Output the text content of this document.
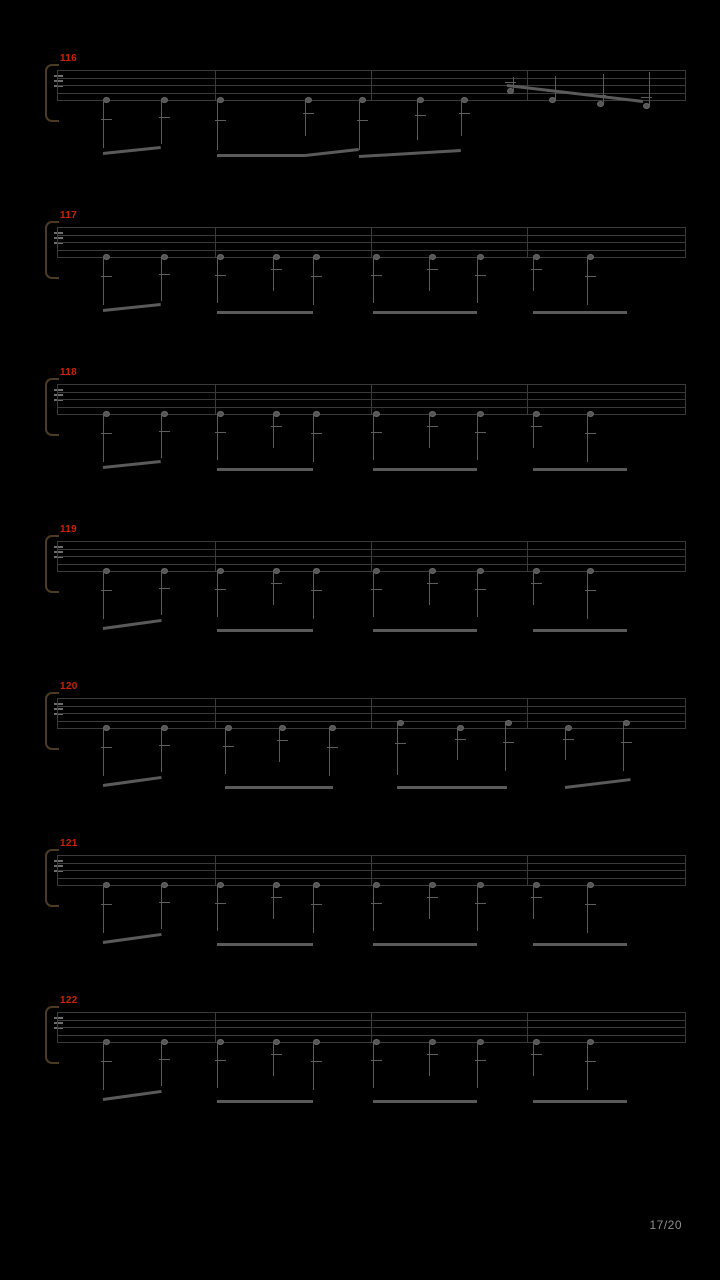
116
117
118
119
120
121
122
17/20
